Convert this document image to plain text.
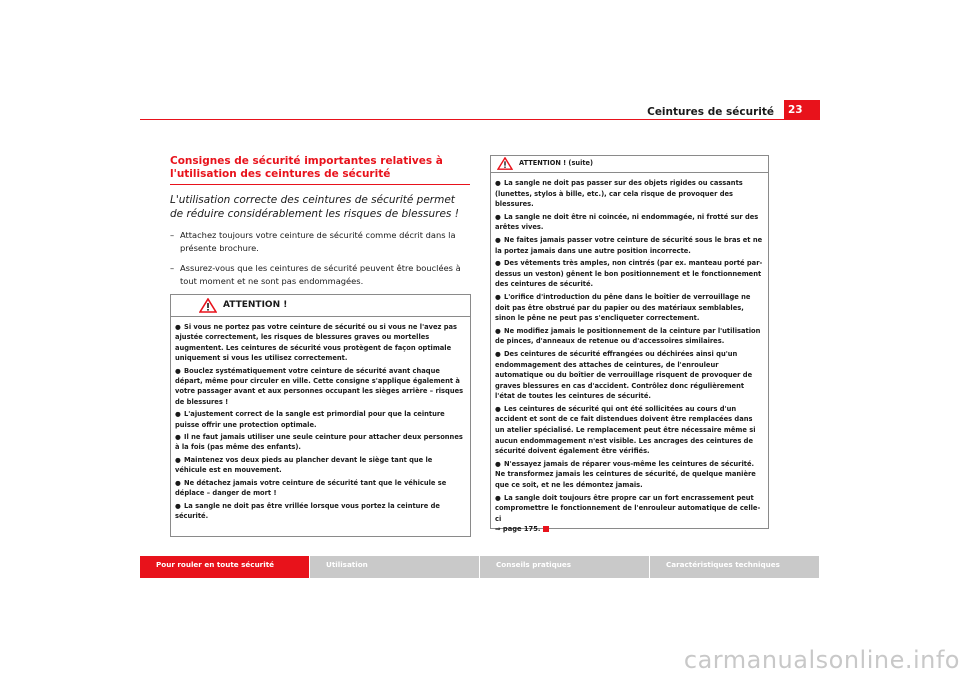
Ceintures de sécurité	23
Consignes de sécurité importantes relatives à l'utilisation des ceintures de sécurité

L'utilisation correcte des ceintures de sécurité permet de réduire considérablement les risques de blessures !

– Attachez toujours votre ceinture de sécurité comme décrit dans la présente brochure.
– Assurez-vous que les ceintures de sécurité peuvent être bouclées à tout moment et ne sont pas endommagées.
ATTENTION !
● Si vous ne portez pas votre ceinture de sécurité ou si vous ne l'avez pas ajustée correctement, les risques de blessures graves ou mortelles augmentent. Les ceintures de sécurité vous protègent de façon optimale uniquement si vous les utilisez correctement.
● Bouclez systématiquement votre ceinture de sécurité avant chaque départ, même pour circuler en ville. Cette consigne s'applique également à votre passager avant et aux personnes occupant les sièges arrière – risques de blessures !
● L'ajustement correct de la sangle est primordial pour que la ceinture puisse offrir une protection optimale.
● Il ne faut jamais utiliser une seule ceinture pour attacher deux personnes à la fois (pas même des enfants).
● Maintenez vos deux pieds au plancher devant le siège tant que le véhicule est en mouvement.
● Ne détachez jamais votre ceinture de sécurité tant que le véhicule se déplace – danger de mort !
● La sangle ne doit pas être vrillée lorsque vous portez la ceinture de sécurité.
ATTENTION ! (suite)
● La sangle ne doit pas passer sur des objets rigides ou cassants (lunettes, stylos à bille, etc.), car cela risque de provoquer des blessures.
● La sangle ne doit être ni coincée, ni endommagée, ni frotté sur des arêtes vives.
● Ne faites jamais passer votre ceinture de sécurité sous le bras et ne la portez jamais dans une autre position incorrecte.
● Des vêtements très amples, non cintrés (par ex. manteau porté par-dessus un veston) gênent le bon positionnement et le fonctionnement des ceintures de sécurité.
● L'orifice d'introduction du pêne dans le boîtier de verrouillage ne doit pas être obstrué par du papier ou des matériaux semblables, sinon le pêne ne peut pas s'encliqueter correctement.
● Ne modifiez jamais le positionnement de la ceinture par l'utilisation de pinces, d'anneaux de retenue ou d'accessoires similaires.
● Des ceintures de sécurité effrangées ou déchirées ainsi qu'un endommagement des attaches de ceintures, de l'enrouleur automatique ou du boîtier de verrouillage risquent de provoquer de graves blessures en cas d'accident. Contrôlez donc régulièrement l'état de toutes les ceintures de sécurité.
● Les ceintures de sécurité qui ont été sollicitées au cours d'un accident et sont de ce fait distendues doivent être remplacées dans un atelier spécialisé. Le remplacement peut être nécessaire même si aucun endommagement n'est visible. Les ancrages des ceintures de sécurité doivent également être vérifiés.
● N'essayez jamais de réparer vous-même les ceintures de sécurité. Ne transformez jamais les ceintures de sécurité, de quelque manière que ce soit, et ne les démontez jamais.
● La sangle doit toujours être propre car un fort encrassement peut compromettre le fonctionnement de l'enrouleur automatique de celle-ci
⇒ page 175.
Pour rouler en toute sécurité	Utilisation	Conseils pratiques	Caractéristiques techniques
carmanualsonline.info
